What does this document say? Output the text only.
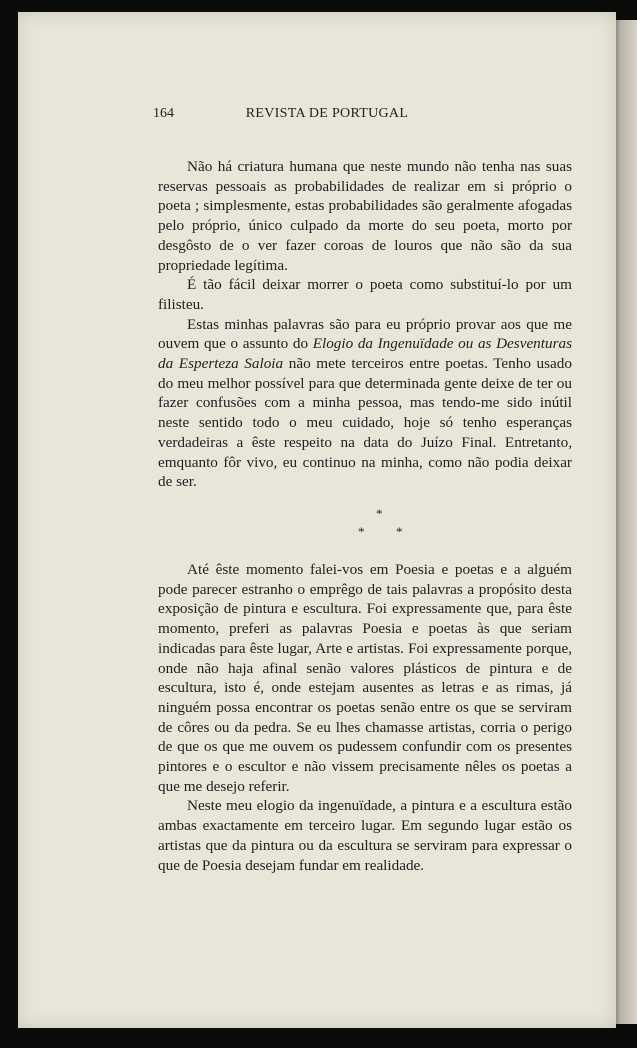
164	REVISTA DE PORTUGAL

Não há criatura humana que neste mundo não tenha nas suas reservas pessoais as probabilidades de realizar em si próprio o poeta ; simplesmente, estas probabilidades são geralmente afogadas pelo próprio, único culpado da morte do seu poeta, morto por desgôsto de o ver fazer coroas de louros que não são da sua propriedade legítima.

É tão fácil deixar morrer o poeta como substituí-lo por um filisteu.

Estas minhas palavras são para eu próprio provar aos que me ouvem que o assunto do Elogio da Ingenuïdade ou as Desventuras da Esperteza Saloia não mete terceiros entre poetas. Tenho usado do meu melhor possível para que determinada gente deixe de ter ou fazer confusões com a minha pessoa, mas tendo-me sido inútil neste sentido todo o meu cuidado, hoje só tenho esperanças verdadeiras a êste respeito na data do Juízo Final. Entretanto, emquanto fôr vivo, eu continuo na minha, como não podia deixar de ser.

*
* *

Até êste momento falei-vos em Poesia e poetas e a alguém pode parecer estranho o emprêgo de tais palavras a propósito desta exposição de pintura e escultura. Foi expressamente que, para êste momento, preferi as palavras Poesia e poetas às que seriam indicadas para êste lugar, Arte e artistas. Foi expressamente porque, onde não haja afinal senão valores plásticos de pintura e de escultura, isto é, onde estejam ausentes as letras e as rimas, já ninguém possa encontrar os poetas senão entre os que se serviram de côres ou da pedra. Se eu lhes chamasse artistas, corria o perigo de que os que me ouvem os pudessem confundir com os presentes pintores e o escultor e não vissem precisamente nêles os poetas a que me desejo referir.

Neste meu elogio da ingenuïdade, a pintura e a escultura estão ambas exactamente em terceiro lugar. Em segundo lugar estão os artistas que da pintura ou da escultura se serviram para expressar o que de Poesia desejam fundar em realidade.
